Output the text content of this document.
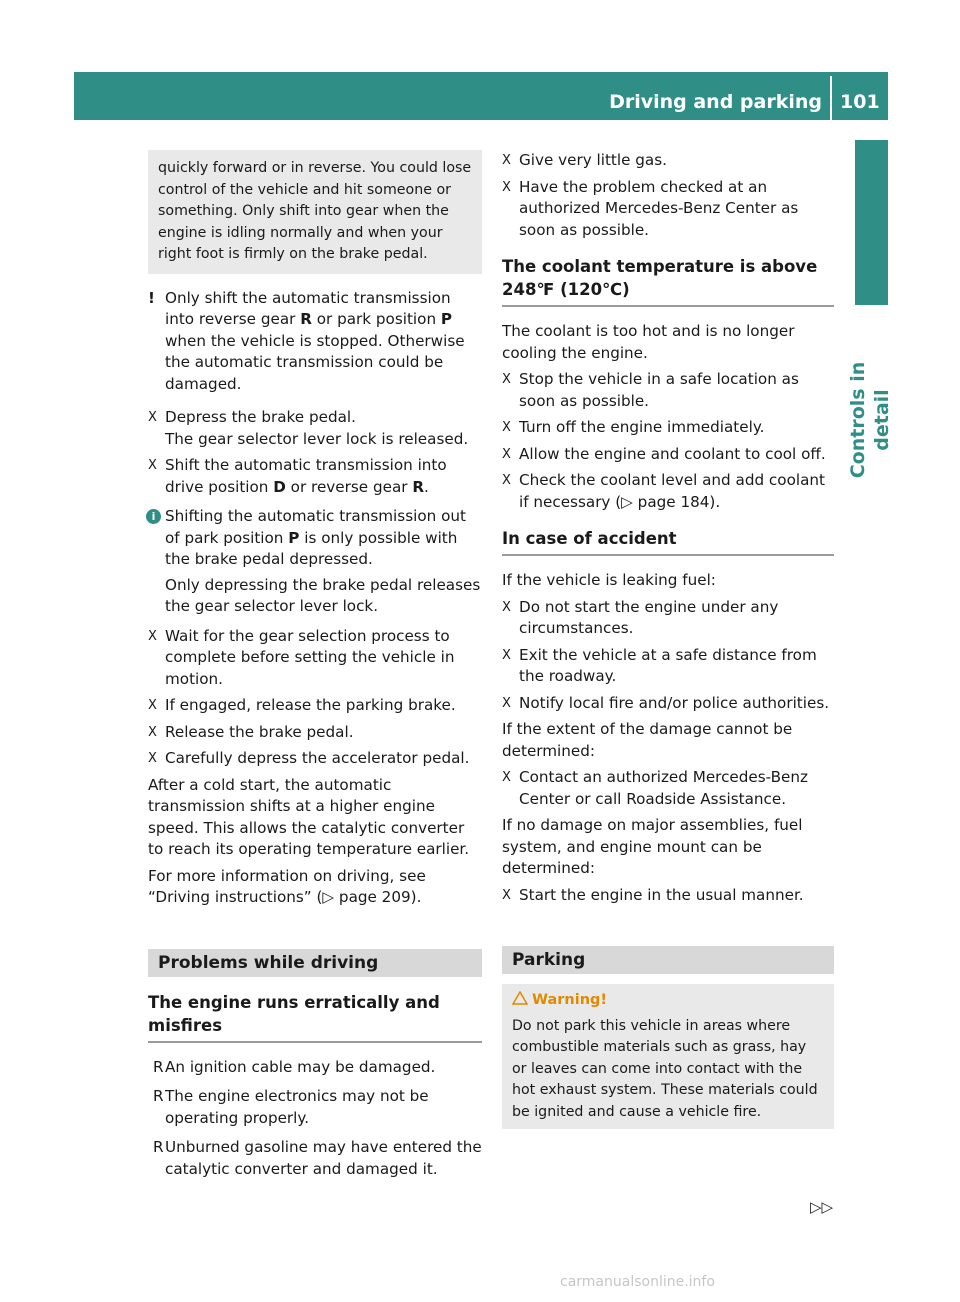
Driving and parking 101
Controls in detail
quickly forward or in reverse. You could lose control of the vehicle and hit someone or something. Only shift into gear when the engine is idling normally and when your right foot is firmly on the brake pedal.
! Only shift the automatic transmission into reverse gear R or park position P when the vehicle is stopped. Otherwise the automatic transmission could be damaged.
X Depress the brake pedal.
The gear selector lever lock is released.
X Shift the automatic transmission into drive position D or reverse gear R.
i Shifting the automatic transmission out of park position P is only possible with the brake pedal depressed.
Only depressing the brake pedal releases the gear selector lever lock.
X Wait for the gear selection process to complete before setting the vehicle in motion.
X If engaged, release the parking brake.
X Release the brake pedal.
X Carefully depress the accelerator pedal.

After a cold start, the automatic transmission shifts at a higher engine speed. This allows the catalytic converter to reach its operating temperature earlier.

For more information on driving, see “Driving instructions” (▷ page 209).

Problems while driving
The engine runs erratically and misfires
R An ignition cable may be damaged.
R The engine electronics may not be operating properly.
R Unburned gasoline may have entered the catalytic converter and damaged it.
X Give very little gas.
X Have the problem checked at an authorized Mercedes-Benz Center as soon as possible.
The coolant temperature is above 248℉ (120℃)

The coolant is too hot and is no longer cooling the engine.

X Stop the vehicle in a safe location as soon as possible.
X Turn off the engine immediately.
X Allow the engine and coolant to cool off.
X Check the coolant level and add coolant if necessary (▷ page 184).
In case of accident

If the vehicle is leaking fuel:

X Do not start the engine under any circumstances.
X Exit the vehicle at a safe distance from the roadway.
X Notify local fire and/or police authorities.

If the extent of the damage cannot be determined:

X Contact an authorized Mercedes-Benz Center or call Roadside Assistance.

If no damage on major assemblies, fuel system, and engine mount can be determined:

X Start the engine in the usual manner.
Parking
Warning!
Do not park this vehicle in areas where combustible materials such as grass, hay or leaves can come into contact with the hot exhaust system. These materials could be ignited and cause a vehicle fire.
▷▷
carmanualsonline.info
